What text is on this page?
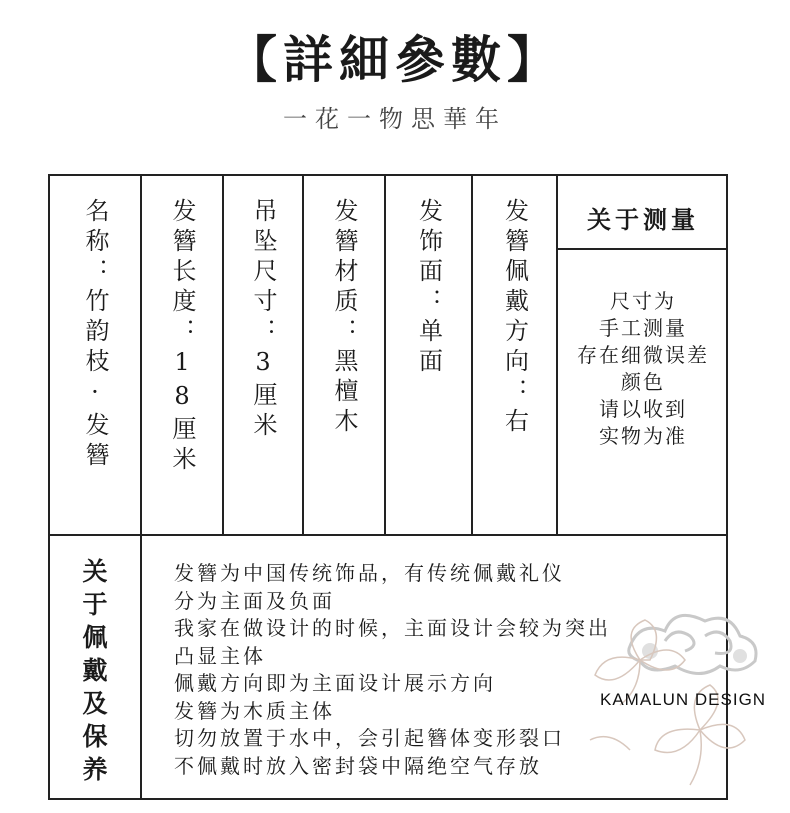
【詳細參數】
一花一物思華年
名称：竹韵枝·发簪 发簪长度：18厘米 吊坠尺寸：3厘米 发簪材质：黑檀木 发饰面：单面 发簪佩戴方向：右	关于测量
尺寸为
手工测量
存在细微误差
颜色
请以收到
实物为准
关于佩戴及保养	发簪为中国传统饰品，有传统佩戴礼仪
分为主面及负面
我家在做设计的时候，主面设计会较为突出
凸显主体
佩戴方向即为主面设计展示方向
发簪为木质主体
切勿放置于水中，会引起簪体变形裂口
不佩戴时放入密封袋中隔绝空气存放
KAMALUN DESIGN
